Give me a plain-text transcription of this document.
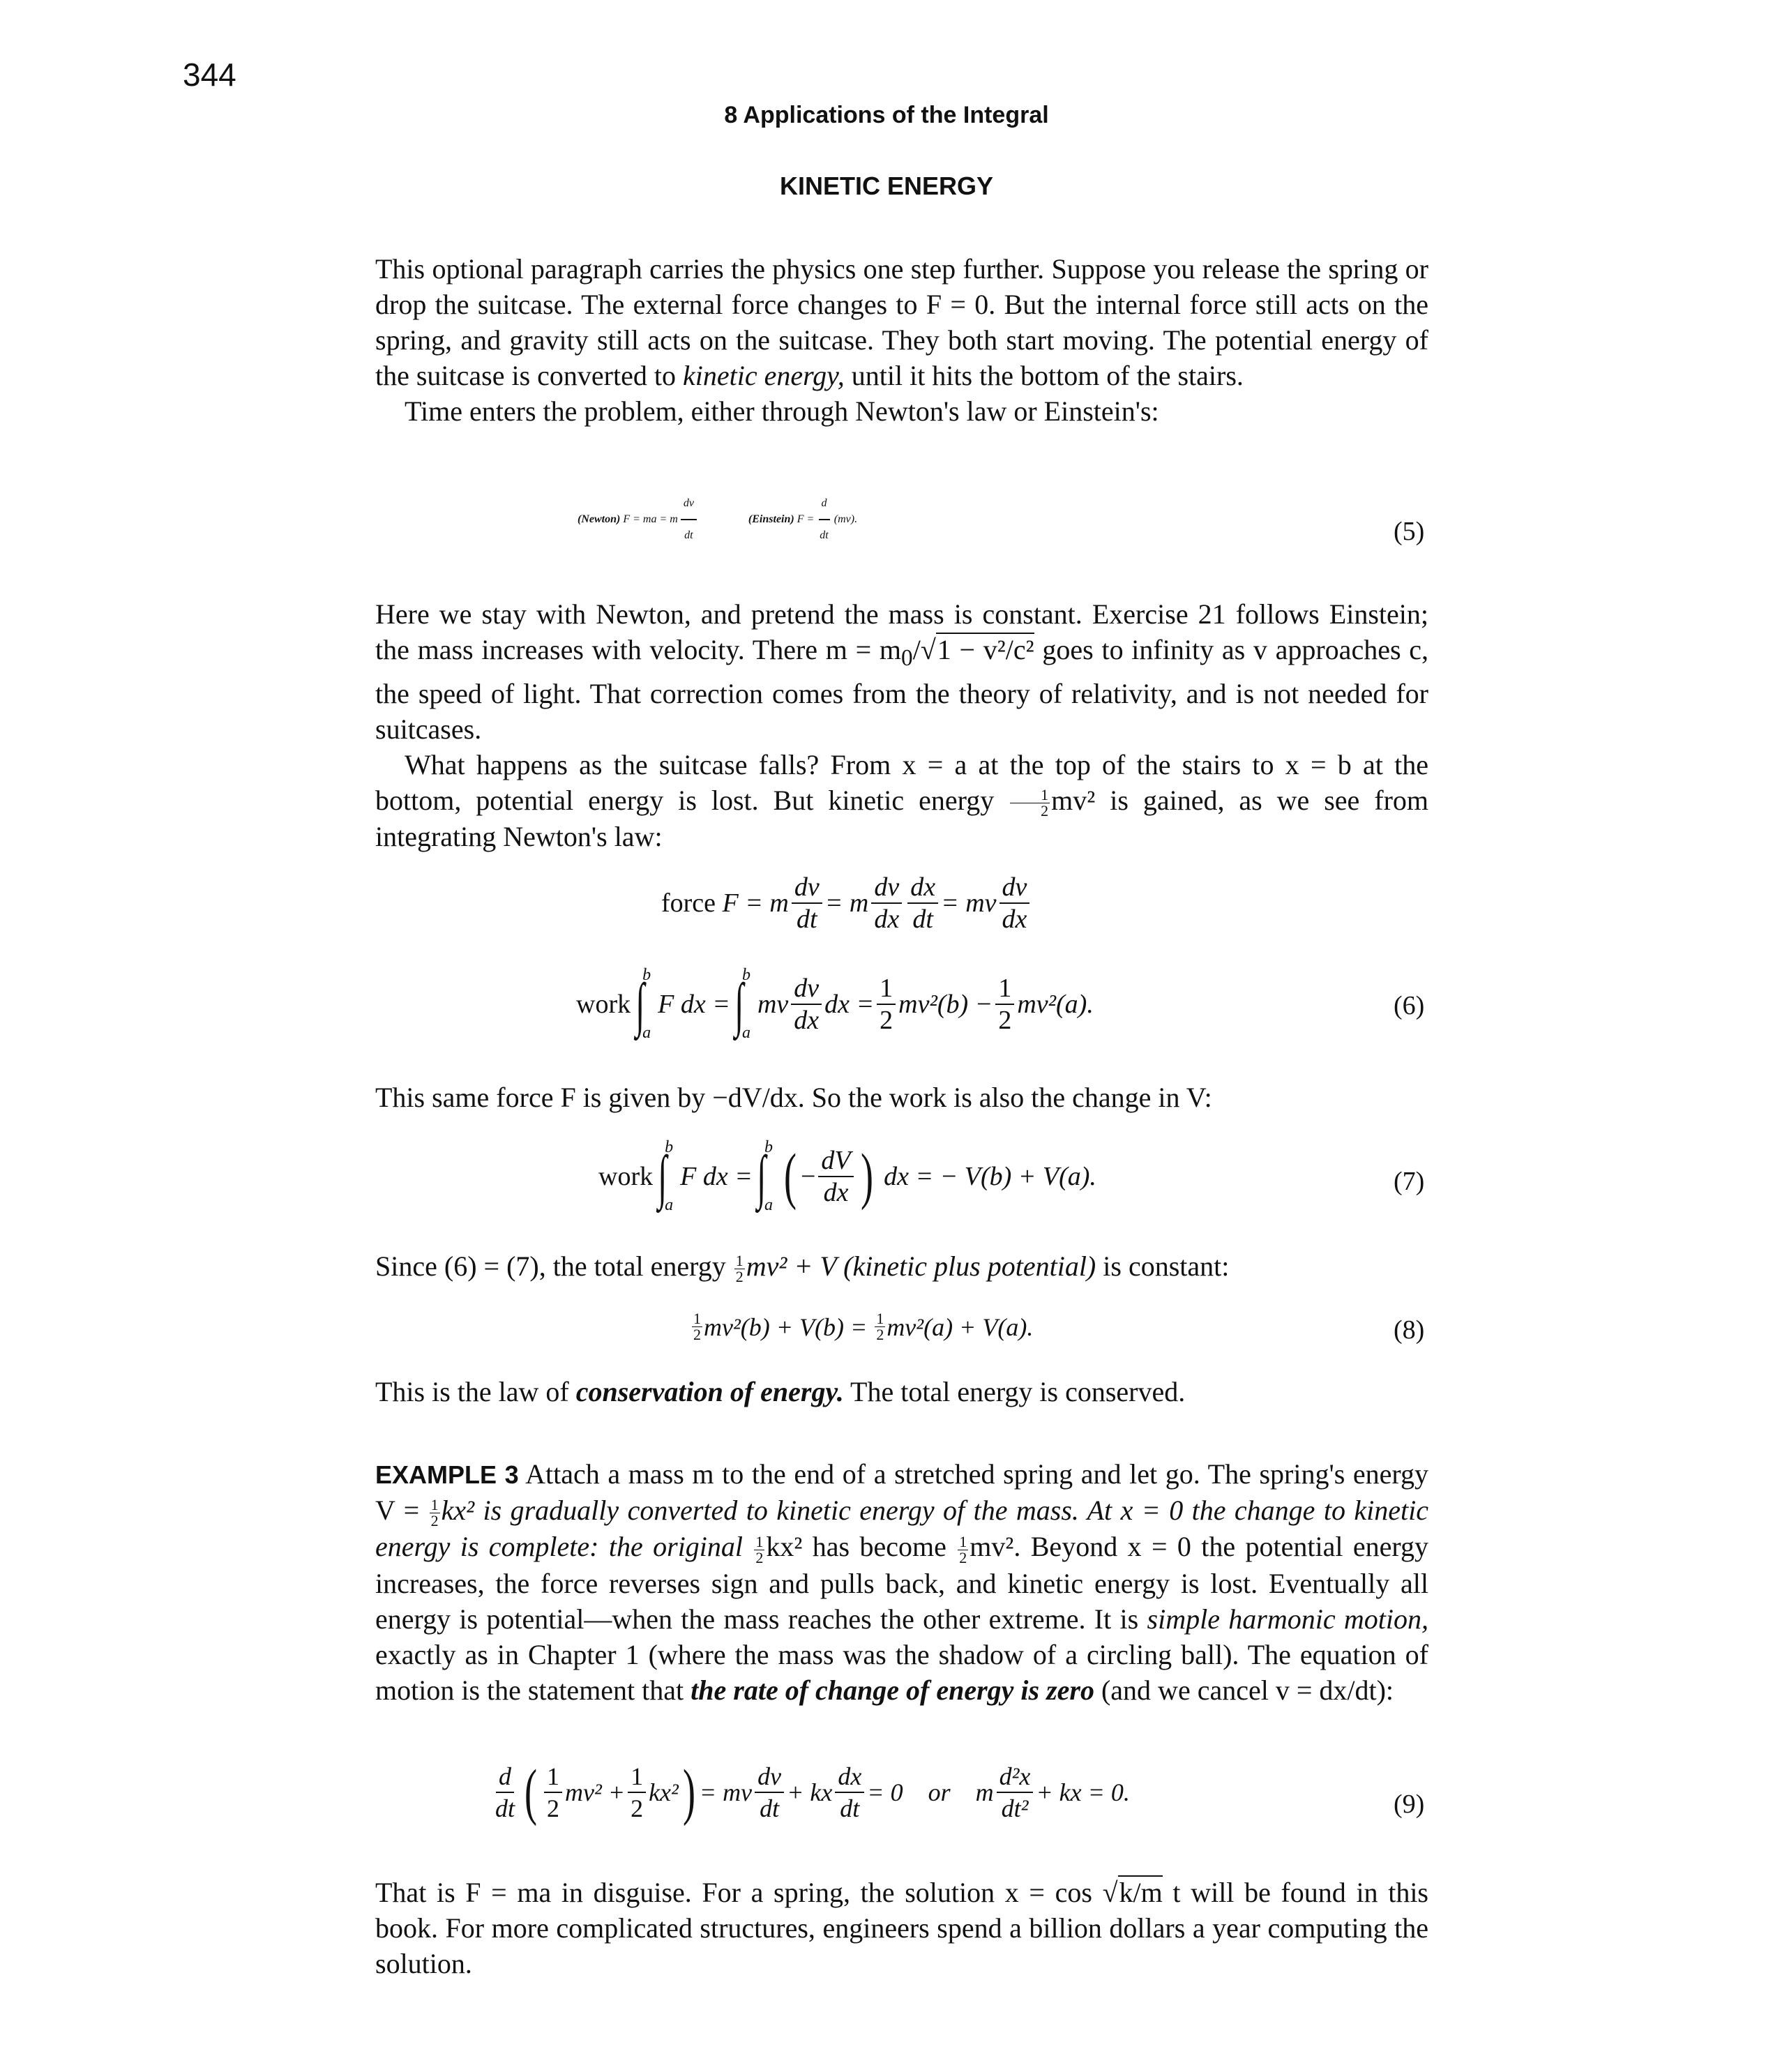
344
8 Applications of the Integral
KINETIC ENERGY

This optional paragraph carries the physics one step further. Suppose you release the spring or drop the suitcase. The external force changes to F = 0. But the internal force still acts on the spring, and gravity still acts on the suitcase. They both start moving. The potential energy of the suitcase is converted to kinetic energy, until it hits the bottom of the stairs.

Time enters the problem, either through Newton's law or Einstein's:

(Newton)
F = ma = m $\frac{dv}{dt}$	(Einstein)
$F = \frac{d}{dt} (mv)$.	(5)

Here we stay with Newton, and pretend the mass is constant. Exercise 21 follows Einstein; the mass increases with velocity. There $m = m_0/√1 - v^2/c^2$ goes to infinity as v approaches c, the speed of light. That correction comes from the theory of relativity, and is not needed for suitcases.

What happens as the suitcase falls? From x = a at the top of the stairs to x = b at the bottom, potential energy is lost. But kinetic energy $\frac{1}{2} mv^2$ is gained, as we see from integrating Newton's law:

force
F = m $\frac{dv}{dt} = m \frac{dv}{dx} \frac{dx}{dt}$ = mv $\frac{dv}{dx}$
work
∫
b
a
F dx =
∫
b
a
mv $\frac{dv}{dx}$ dx = $\frac{1}{2} mv^2(b) - \frac{1}{2} mv^2(a)$.	(6)
This same force F is given by −dV/dx. So the work is also the change in V:
work
∫
b
a
F dx =
∫
b
a ( − $\frac{dV}{dx}$ )
dx = − V(b) + V(a).	(7)
Since (6) = (7), the total energy $\frac{1}{2} mv^2 + V$ (kinetic plus potential) is constant:
1
2 mv²(b) + V(b) =
$\frac{1}{2} mv^2(a) + V(a)$.	(8)
This is the law of conservation of energy. The total energy is conserved.
EXAMPLE 3 Attach a mass m to the end of a stretched spring and let go. The spring's energy $V = \frac{1}{2} kx^2$ is gradually converted to kinetic energy of the mass. At x = 0 the change to kinetic energy is complete: the original $\frac{1}{2} kx^2$ has become $\frac{1}{2} mv^2$. Beyond x = 0 the potential energy increases, the force reverses sign and pulls back, and kinetic energy is lost. Eventually all energy is potential—when the mass reaches the other extreme. It is simple harmonic motion, exactly as in Chapter 1 (where the mass was the shadow of a circling ball). The equation of motion is the statement that the rate of change of energy is zero (and we cancel v = dx/dt):
$\frac{d}{dt}$ ( $\frac{1}{2} mv^2 + \frac{1}{2} kx^2$ ) = mv $\frac{dv}{dt}$ + kx $\frac{dx}{dt} = 0$    or    m $\frac{\text{d²x}}{\text{dt²}}$ + kx = 0.	(9)
That is F = ma in disguise. For a spring, the solution x = cos √k/m t will be found in this book. For more complicated structures, engineers spend a billion dollars a year computing the solution.
